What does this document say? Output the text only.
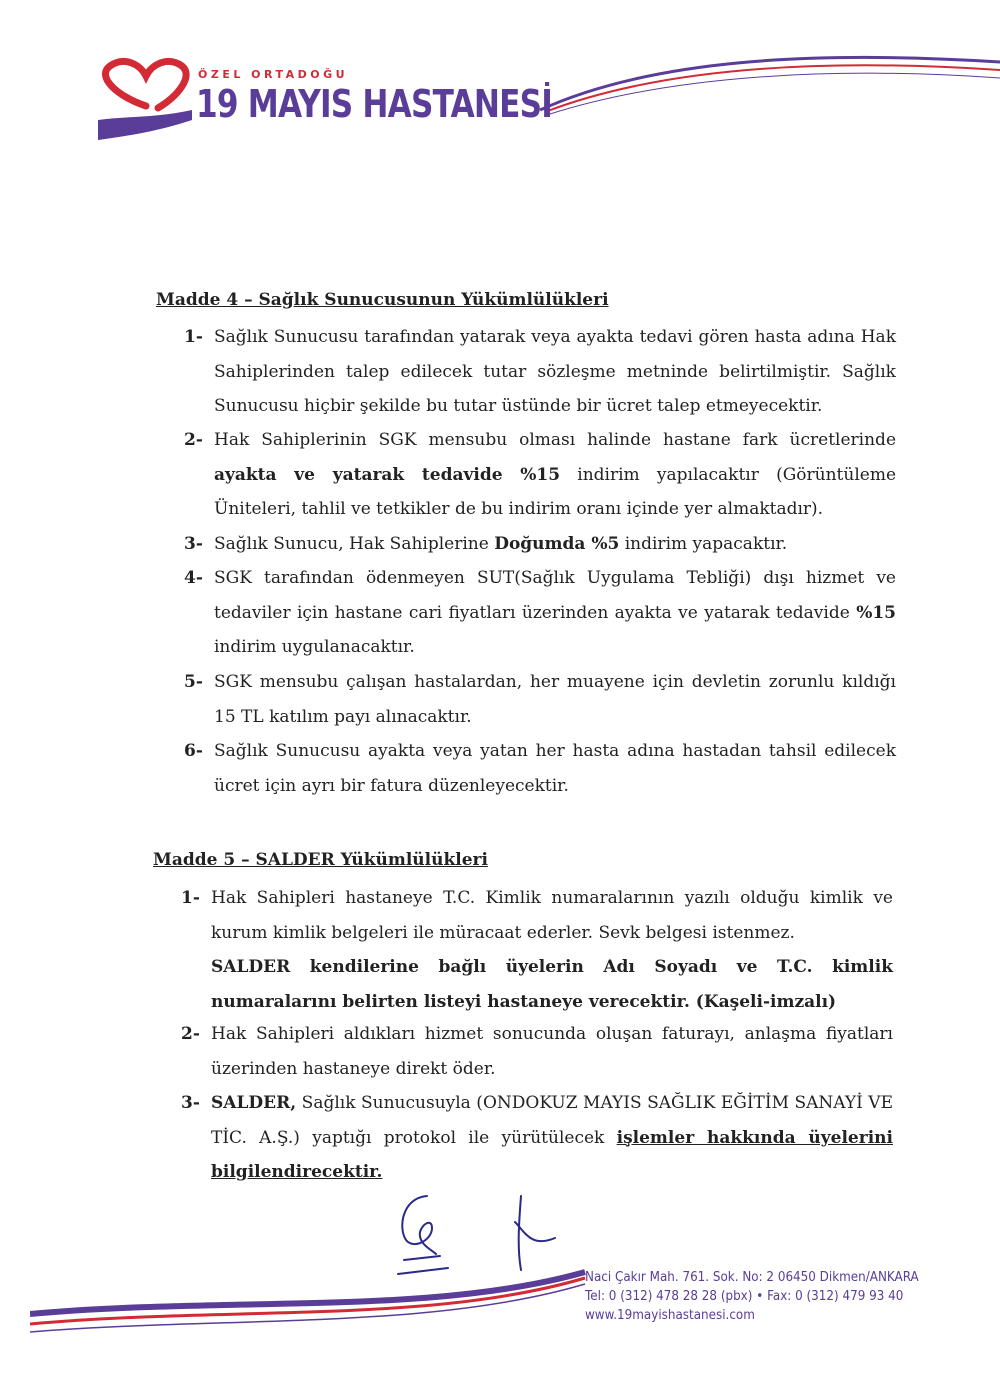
ÖZEL ORTADOĞU
19 MAYIS HASTANESİ
Madde 4 – Sağlık Sunucusunun Yükümlülükleri
1- Sağlık Sunucusu tarafından yatarak veya ayakta tedavi gören hasta adına Hak Sahiplerinden talep edilecek tutar sözleşme metninde belirtilmiştir. Sağlık Sunucusu hiçbir şekilde bu tutar üstünde bir ücret talep etmeyecektir.
2- Hak Sahiplerinin SGK mensubu olması halinde hastane fark ücretlerinde ayakta ve yatarak tedavide %15 indirim yapılacaktır (Görüntüleme Üniteleri, tahlil ve tetkikler de bu indirim oranı içinde yer almaktadır).
3- Sağlık Sunucu, Hak Sahiplerine Doğumda %5 indirim yapacaktır.
4- SGK tarafından ödenmeyen SUT(Sağlık Uygulama Tebliği) dışı hizmet ve tedaviler için hastane cari fiyatları üzerinden ayakta ve yatarak tedavide %15 indirim uygulanacaktır.
5- SGK mensubu çalışan hastalardan, her muayene için devletin zorunlu kıldığı 15 TL katılım payı alınacaktır.
6- Sağlık Sunucusu ayakta veya yatan her hasta adına hastadan tahsil edilecek ücret için ayrı bir fatura düzenleyecektir.
Madde 5 – SALDER Yükümlülükleri
1- Hak Sahipleri hastaneye T.C. Kimlik numaralarının yazılı olduğu kimlik ve kurum kimlik belgeleri ile müracaat ederler. Sevk belgesi istenmez.
SALDER kendilerine bağlı üyelerin Adı Soyadı ve T.C. kimlik numaralarını belirten listeyi hastaneye verecektir. (Kaşeli-imzalı)
2- Hak Sahipleri aldıkları hizmet sonucunda oluşan faturayı, anlaşma fiyatları üzerinden hastaneye direkt öder.
3- SALDER, Sağlık Sunucusuyla (ONDOKUZ MAYIS SAĞLIK EĞİTİM SANAYİ VE TİC. A.Ş.) yaptığı protokol ile yürütülecek işlemler hakkında üyelerini bilgilendirecektir.
Naci Çakır Mah. 761. Sok. No: 2 06450 Dikmen/ANKARA
Tel: 0 (312) 478 28 28 (pbx) • Fax: 0 (312) 479 93 40
www.19mayishastanesi.com
